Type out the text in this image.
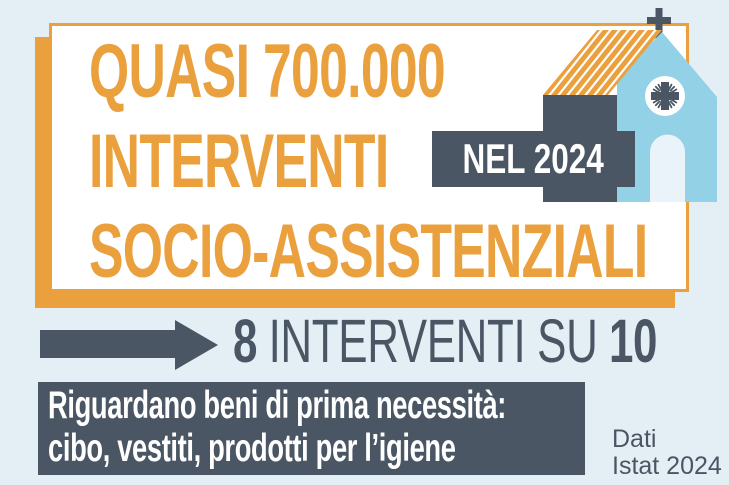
QUASI 700.000
INTERVENTI
SOCIO-ASSISTENZIALI
NEL 2024
8 INTERVENTI SU 10
Riguardano beni di prima necessità:
cibo, vestiti, prodotti per l’igiene	Dati
Istat 2024
